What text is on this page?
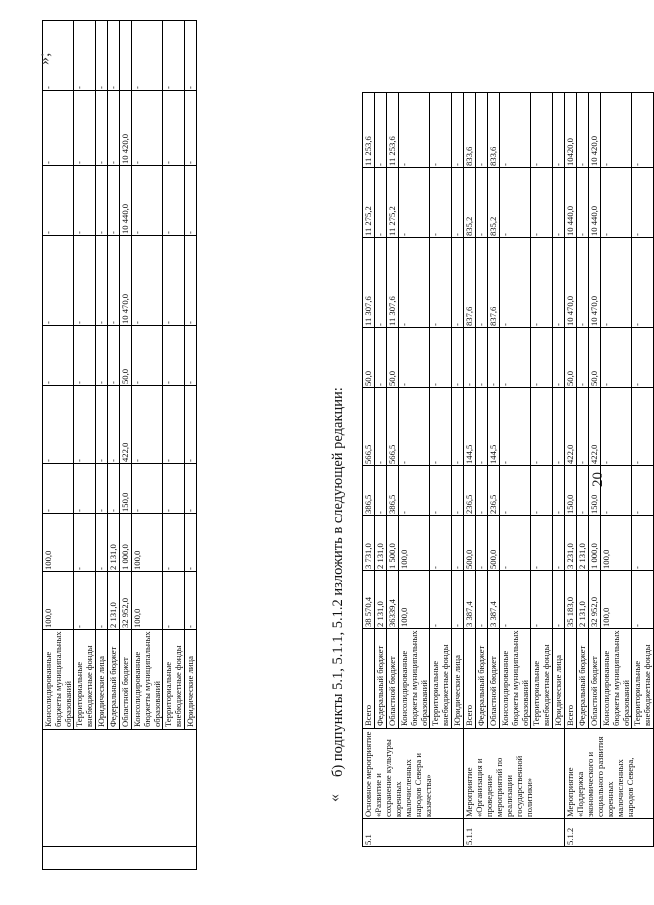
20
		Консолидированные бюджеты муниципальных образований	100,0	100,0	-	-	-	-	-	-	-
		Территориальные внебюджетные фонды	-	-	-	-	-	-	-	-	-
		Юридические лица	-	-	-	-	-	-	-	-	-
		Федеральный бюджет	2 131,0	2 131,0	-	-	-	-	-	-	-
		Областной бюджет	32 952,0	1 000,0	150,0	422,0	50,0	10 470,0	10 440,0	10 420,0	
		Консолидированные бюджеты муниципальных образований	100,0	100,0	-	-	-	-	-	-	-
		Территориальные внебюджетные фонды	-	-	-	-	-	-	-	-	-
		Юридические лица	-	-	-	-	-	-	-	-	-
«
б) подпункты 5.1, 5.1.1, 5.1.2 изложить в следующей редакции:
»;
5.1	Основное мероприятие «Развитие и сохранение культуры коренных малочисленных народов Севера и казачества»	Всего	38 570,4	3 731,0	386,5	566,5	50,0	11 307,6	11 275,2	11 253,6
		Федеральный бюджет	2 131,0	2 131,0	-	-	-	-	-	-
		Областной бюджет	36339,4	1 500,0	386,5	566,5	50,0	11 307,6	11 275,2	11 253,6
		Консолидированные бюджеты муниципальных образований	100,0	100,0	-	-	-	-	-	-
		Территориальные внебюджетные фонды	-	-	-	-	-	-	-	-
		Юридические лица	-	-	-	-	-	-	-	-
5.1.1	Мероприятие «Организация и проведение мероприятий по реализации государственной политики»	Всего	3 387,4	500,0	236,5	144,5	-	837,6	835,2	833,6
		Федеральный бюджет	-	-	-	-	-	-	-	-
		Областной бюджет	3 387,4	500,0	236,5	144,5	-	837,6	835,2	833,6
		Консолидированные бюджеты муниципальных образований	-	-	-	-	-	-	-	-
		Территориальные внебюджетные фонды	-	-	-	-	-	-	-	-
		Юридические лица	-	-	-	-	-	-	-	-
5.1.2	Мероприятие «Поддержка экономического и социального развития коренных малочисленных народов Севера,	Всего	35 183,0	3 231,0	150,0	422,0	50,0	10 470,0	10 440,0	10420,0
		Федеральный бюджет	2 131,0	2 131,0	-	-	-	-	-	-
		Областной бюджет	32 952,0	1 000,0	150,0	422,0	50,0	10 470,0	10 440,0	10 420,0
		Консолидированные бюджеты муниципальных образований	100,0	100,0	-	-	-	-	-	-
		Территориальные внебюджетные фонды	-	-	-	-	-	-	-	-
